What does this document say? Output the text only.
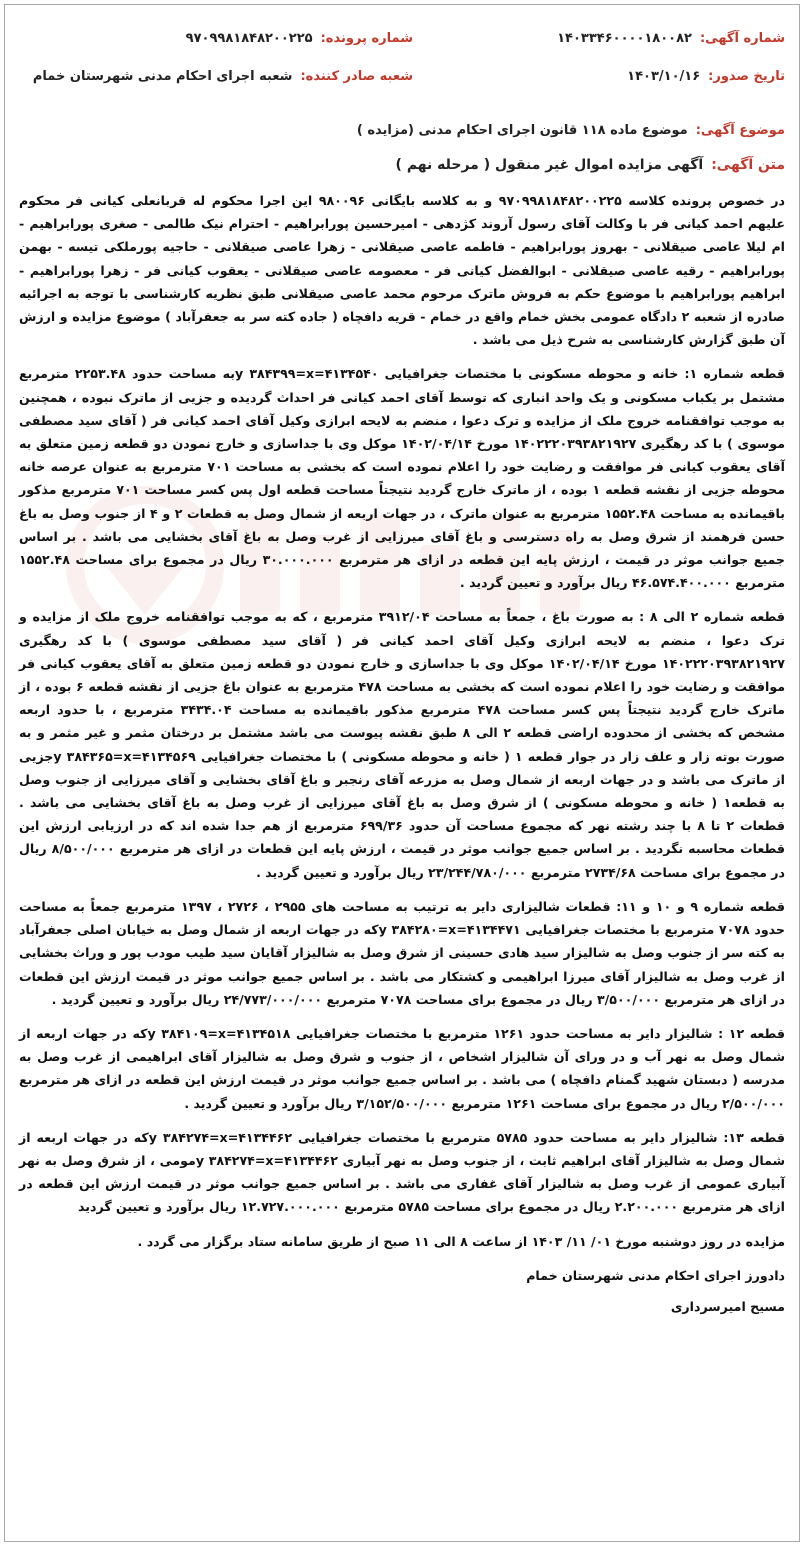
شماره آگهی:
۱۴۰۳۳۴۶۰۰۰۰۱۸۰۰۸۲
شماره پرونده:
۹۷۰۹۹۸۱۸۴۸۲۰۰۲۲۵
تاریخ صدور:
۱۴۰۳/۱۰/۱۶
شعبه صادر کننده:
شعبه اجرای احکام مدنی شهرستان خمام
موضوع آگهی:
موضوع ماده ۱۱۸ قانون اجرای احکام مدنی (مزایده )
متن آگهی:
آگهی مزایده اموال غیر منقول ( مرحله نهم )

در خصوص پرونده کلاسه ۹۷۰۹۹۸۱۸۴۸۲۰۰۲۲۵ و به کلاسه بایگانی ۹۸۰۰۹۶ این اجرا محکوم له قربانعلی کیانی فر محکوم علیهم احمد کیانی فر با وکالت آقای رسول آروند کژدهی - امیرحسین پورابراهیم - احترام نیک طالمی - صغری پورابراهیم - ام لیلا عاصی صیقلانی - بهروز پورابراهیم - فاطمه عاصی صیقلانی - زهرا عاصی صیقلانی - حاجیه پورملکی تیسه - بهمن پورابراهیم - رقیه عاصی صیقلانی - ابوالفضل کیانی فر - معصومه عاصی صیقلانی - یعقوب کیانی فر - زهرا پورابراهیم - ابراهیم پورابراهیم با موضوع حکم به فروش ماترک مرحوم محمد عاصی صیقلانی طبق نظریه کارشناسی با توجه به اجرائیه صادره از شعبه ۲ دادگاه عمومی بخش خمام واقع در خمام - قریه دافچاه ( جاده کته سر به جعفرآباد ) موضوع مزایده و ارزش آن طبق گزارش کارشناسی به شرح ذیل می باشد .

قطعه شماره ۱: خانه و محوطه مسکونی با مختصات جغرافیایی ۴۱۳۴۵۴۰=y ۳۸۴۳۹۹=xبه مساحت حدود ۲۲۵۳.۴۸ مترمربع مشتمل بر یکباب مسکونی و یک واحد انباری که توسط آقای احمد کیانی فر احداث گردیده و جزیی از ماترک نبوده ، همچنین به موجب توافقنامه خروج ملک از مزایده و ترک دعوا ، منضم به لایحه ابرازی وکیل آقای احمد کیانی فر ( آقای سید مصطفی موسوی ) با کد رهگیری ۱۴۰۲۲۲۰۳۹۳۸۲۱۹۲۷ مورخ ۱۴۰۲/۰۴/۱۴ موکل وی با جداسازی و خارج نمودن دو قطعه زمین متعلق به آقای یعقوب کیانی فر موافقت و رضایت خود را اعلام نموده است که بخشی به مساحت ۷۰۱ مترمربع به عنوان عرصه خانه محوطه جزیی از نقشه قطعه ۱ بوده ، از ماترک خارج گردید نتیجتاً مساحت قطعه اول پس کسر مساحت ۷۰۱ مترمربع مذکور باقیمانده به مساحت ۱۵۵۲.۴۸ مترمربع به عنوان ماترک ، در جهات اربعه از شمال وصل به قطعات ۲ و ۴ از جنوب وصل به باغ حسن فرهمند از شرق وصل به راه دسترسی و باغ آقای میرزایی از غرب وصل به باغ آقای بخشایی می باشد . بر اساس جمیع جوانب موثر در قیمت ، ارزش پایه این قطعه در ازای هر مترمربع ۳۰.۰۰۰.۰۰۰ ریال در مجموع برای مساحت ۱۵۵۲.۴۸ مترمربع ۴۶.۵۷۴.۴۰۰.۰۰۰ ریال برآورد و تعیین گردید .

قطعه شماره ۲ الی ۸ : به صورت باغ ، جمعاً به مساحت ۳۹۱۲/۰۴ مترمربع ، که به موجب توافقنامه خروج ملک از مزایده و ترک دعوا ، منضم به لایحه ابرازی وکیل آقای احمد کیانی فر ( آقای سید مصطفی موسوی ) با کد رهگیری ۱۴۰۲۲۲۰۳۹۳۸۲۱۹۲۷ مورخ ۱۴۰۲/۰۴/۱۴ موکل وی با جداسازی و خارج نمودن دو قطعه زمین متعلق به آقای یعقوب کیانی فر موافقت و رضایت خود را اعلام نموده است که بخشی به مساحت ۴۷۸ مترمربع به عنوان باغ جزیی از نقشه قطعه ۶ بوده ، از ماترک خارج گردید نتیجتاً پس کسر مساحت ۴۷۸ مترمربع مذکور باقیمانده به مساحت ۳۴۳۴.۰۴ مترمربع ، با حدود اربعه مشخص که بخشی از محدوده اراضی قطعه ۲ الی ۸ طبق نقشه پیوست می باشد مشتمل بر درختان مثمر و غیر مثمر و به صورت بوته زار و علف زار در جوار قطعه ۱ ( خانه و محوطه مسکونی ) با مختصات جغرافیایی ۴۱۳۴۵۶۹=y ۳۸۴۳۶۵=xجزیی از ماترک می باشد و در جهات اربعه از شمال وصل به مزرعه آقای رنجبر و باغ آقای بخشایی و آقای میرزایی از جنوب وصل به قطعه۱ ( خانه و محوطه مسکونی ) از شرق وصل به باغ آقای میرزایی از غرب وصل به باغ آقای بخشایی می باشد . قطعات ۲ تا ۸ با چند رشته نهر که مجموع مساحت آن حدود ۶۹۹/۳۶ مترمربع از هم جدا شده اند که در ارزیابی ارزش این قطعات محاسبه نگردید . بر اساس جمیع جوانب موثر در قیمت ، ارزش پایه این قطعات در ازای هر مترمربع ۸/۵۰۰/۰۰۰ ریال در مجموع برای مساحت ۲۷۳۴/۶۸ مترمربع ۲۳/۲۴۴/۷۸۰/۰۰۰ ریال برآورد و تعیین گردید .

قطعه شماره ۹ و ۱۰ و ۱۱: قطعات شالیزاری دایر به ترتیب به مساحت های ۲۹۵۵ ، ۲۷۲۶ ، ۱۳۹۷ مترمربع جمعاً به مساحت حدود ۷۰۷۸ مترمربع با مختصات جغرافیایی ۴۱۳۴۴۷۱=y ۳۸۴۲۸۰=xکه در جهات اربعه از شمال وصل به خیابان اصلی جعفرآباد به کته سر از جنوب وصل به شالیزار سید هادی حسینی از شرق وصل به شالیزار آقایان سید طیب مودب پور و وراث بخشایی از غرب وصل به شالیزار آقای میرزا ابراهیمی و کشتکار می باشد . بر اساس جمیع جوانب موثر در قیمت ارزش این قطعات در ازای هر مترمربع ۳/۵۰۰/۰۰۰ ریال در مجموع برای مساحت ۷۰۷۸ مترمربع ۲۴/۷۷۳/۰۰۰/۰۰۰ ریال برآورد و تعیین گردید .

قطعه ۱۲ : شالیزار دایر به مساحت حدود ۱۲۶۱ مترمربع با مختصات جغرافیایی ۴۱۳۴۵۱۸=y ۳۸۴۱۰۹=xکه در جهات اربعه از شمال وصل به نهر آب و در ورای آن شالیزار اشخاص ، از جنوب و شرق وصل به شالیزار آقای ابراهیمی از غرب وصل به مدرسه ( دبستان شهید گمنام دافچاه ) می باشد . بر اساس جمیع جوانب موثر در قیمت ارزش این قطعه در ازای هر مترمربع ۲/۵۰۰/۰۰۰ ریال در مجموع برای مساحت ۱۲۶۱ مترمربع ۳/۱۵۲/۵۰۰/۰۰۰ ریال برآورد و تعیین گردید .

قطعه ۱۳: شالیزار دایر به مساحت حدود ۵۷۸۵ مترمربع با مختصات جغرافیایی ۴۱۳۴۴۶۲=y ۳۸۴۲۷۴=xکه در جهات اربعه از شمال وصل به شالیزار آقای ابراهیم ثابت ، از جنوب وصل به نهر آبیاری ۴۱۳۴۴۶۲=y ۳۸۴۲۷۴=xمومی ، از شرق وصل به نهر آبیاری عمومی از غرب وصل به شالیزار آقای غفاری می باشد . بر اساس جمیع جوانب موثر در قیمت ارزش این قطعه در ازای هر مترمربع ۲.۲۰۰.۰۰۰ ریال در مجموع برای مساحت ۵۷۸۵ مترمربع ۱۲.۷۲۷.۰۰۰.۰۰۰ ریال برآورد و تعیین گردید

مزایده در روز دوشنبه مورخ ۰۱/ ۱۱/ ۱۴۰۳ از ساعت ۸ الی ۱۱ صبح از طریق سامانه ستاد برگزار می گردد .

دادورز اجرای احکام مدنی شهرستان خمام

مسیح امیرسرداری
